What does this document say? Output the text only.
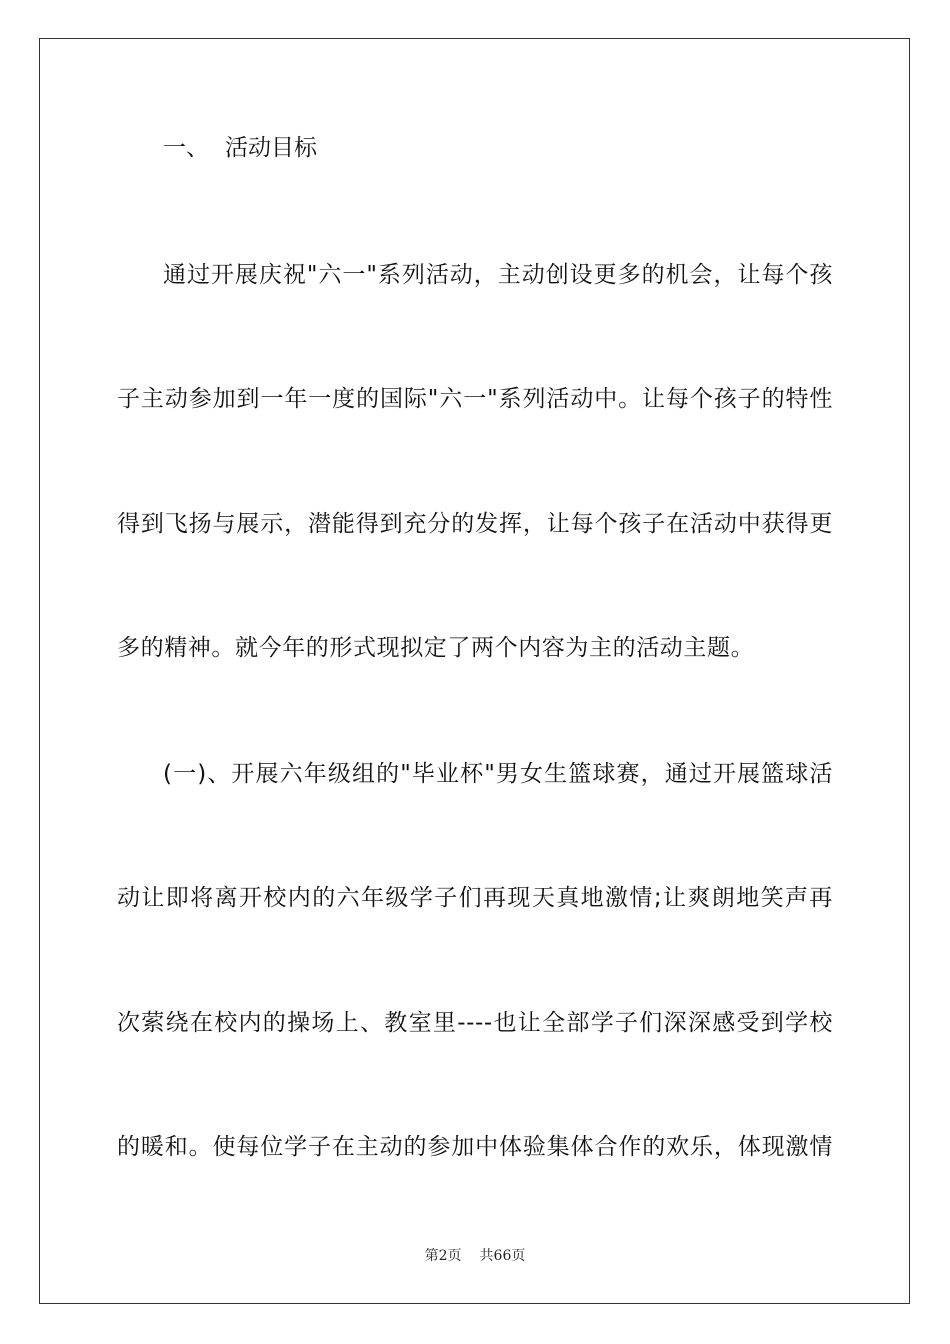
一、 活动目标
通过开展庆祝"六一"系列活动，主动创设更多的机会，让每个孩
子主动参加到一年一度的国际"六一"系列活动中。让每个孩子的特性
得到飞扬与展示，潜能得到充分的发挥，让每个孩子在活动中获得更
多的精神。就今年的形式现拟定了两个内容为主的活动主题。
(一)、开展六年级组的"毕业杯"男女生篮球赛，通过开展篮球活
动让即将离开校内的六年级学子们再现天真地激情;让爽朗地笑声再
次萦绕在校内的操场上、教室里----也让全部学子们深深感受到学校
的暖和。使每位学子在主动的参加中体验集体合作的欢乐，体现激情
第2页 共66页
